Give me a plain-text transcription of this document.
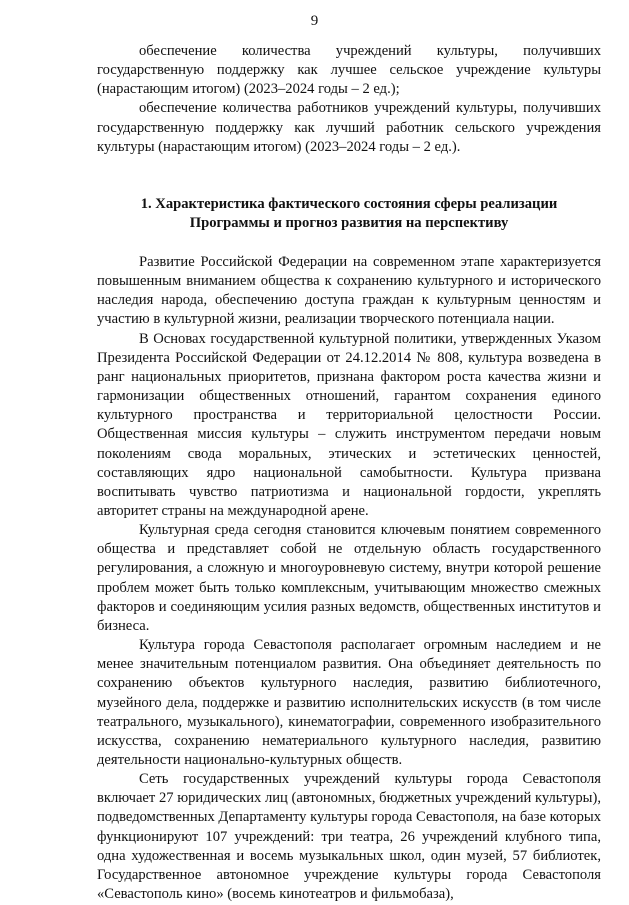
9

обеспечение количества учреждений культуры, получивших государственную поддержку как лучшее сельское учреждение культуры (нарастающим итогом) (2023–2024 годы – 2 ед.);

обеспечение количества работников учреждений культуры, получивших государственную поддержку как лучший работник сельского учреждения культуры (нарастающим итогом) (2023–2024 годы – 2 ед.).

1. Характеристика фактического состояния сферы реализации
Программы и прогноз развития на перспективу

Развитие Российской Федерации на современном этапе характеризуется повышенным вниманием общества к сохранению культурного и исторического наследия народа, обеспечению доступа граждан к культурным ценностям и участию в культурной жизни, реализации творческого потенциала нации.

В Основах государственной культурной политики, утвержденных Указом Президента Российской Федерации от 24.12.2014 № 808, культура возведена в ранг национальных приоритетов, признана фактором роста качества жизни и гармонизации общественных отношений, гарантом сохранения единого культурного пространства и территориальной целостности России. Общественная миссия культуры – служить инструментом передачи новым поколениям свода моральных, этических и эстетических ценностей, составляющих ядро национальной самобытности. Культура призвана воспитывать чувство патриотизма и национальной гордости, укреплять авторитет страны на международной арене.

Культурная среда сегодня становится ключевым понятием современного общества и представляет собой не отдельную область государственного регулирования, а сложную и многоуровневую систему, внутри которой решение проблем может быть только комплексным, учитывающим множество смежных факторов и соединяющим усилия разных ведомств, общественных институтов и бизнеса.

Культура города Севастополя располагает огромным наследием и не менее значительным потенциалом развития. Она объединяет деятельность по сохранению объектов культурного наследия, развитию библиотечного, музейного дела, поддержке и развитию исполнительских искусств (в том числе театрального, музыкального), кинематографии, современного изобразительного искусства, сохранению нематериального культурного наследия, развитию деятельности национально-культурных обществ.

Сеть государственных учреждений культуры города Севастополя включает 27 юридических лиц (автономных, бюджетных учреждений культуры), подведомственных Департаменту культуры города Севастополя, на базе которых функционируют 107 учреждений: три театра, 26 учреждений клубного типа, одна художественная и восемь музыкальных школ, один музей, 57 библиотек, Государственное автономное учреждение культуры города Севастополя «Севастополь кино» (восемь кинотеатров и фильмобаза),
